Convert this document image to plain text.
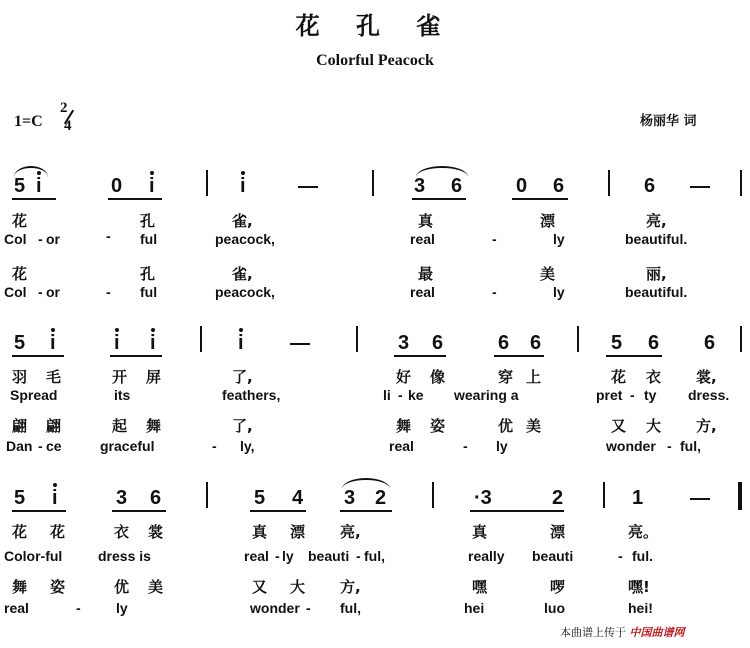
花 孔 雀
Colorful Peacock
1=C
2
4	杨丽华 词
5 i	0 i	i	3 6	0 6	6
花	孔	雀,	真	漂	亮,
Col - or	- ful	peacock,	real	-	ly	beautiful.
花	孔	雀,	最	美	丽,
Col - or	- ful	peacock,	real	-	ly	beautiful.
5 i	i i	i	3 6	6 6	5 6 6
羽 毛	开 屏	了,	好 像	穿 上	花 衣 裳,
Spread	its	feathers,	li - ke wearing a	pret - ty dress.
翩 翩	起 舞	了,	舞 姿	优 美	又 大 方,
Dan - ce	graceful	- ly,	real	- ly	wonder - ful,
5 i	3 6	5 4 3 2	·3	2	1
花 花	衣 裳	真 漂 亮,	真	漂	亮。
Color-ful	dress is	real - ly beauti - ful,	really beauti	- ful.
舞 姿	优 美	又 大 方,	嘿	啰	嘿!
real	-	ly	wonder - ful,	hei	luo	hei!
本曲谱上传于 中国曲谱网
